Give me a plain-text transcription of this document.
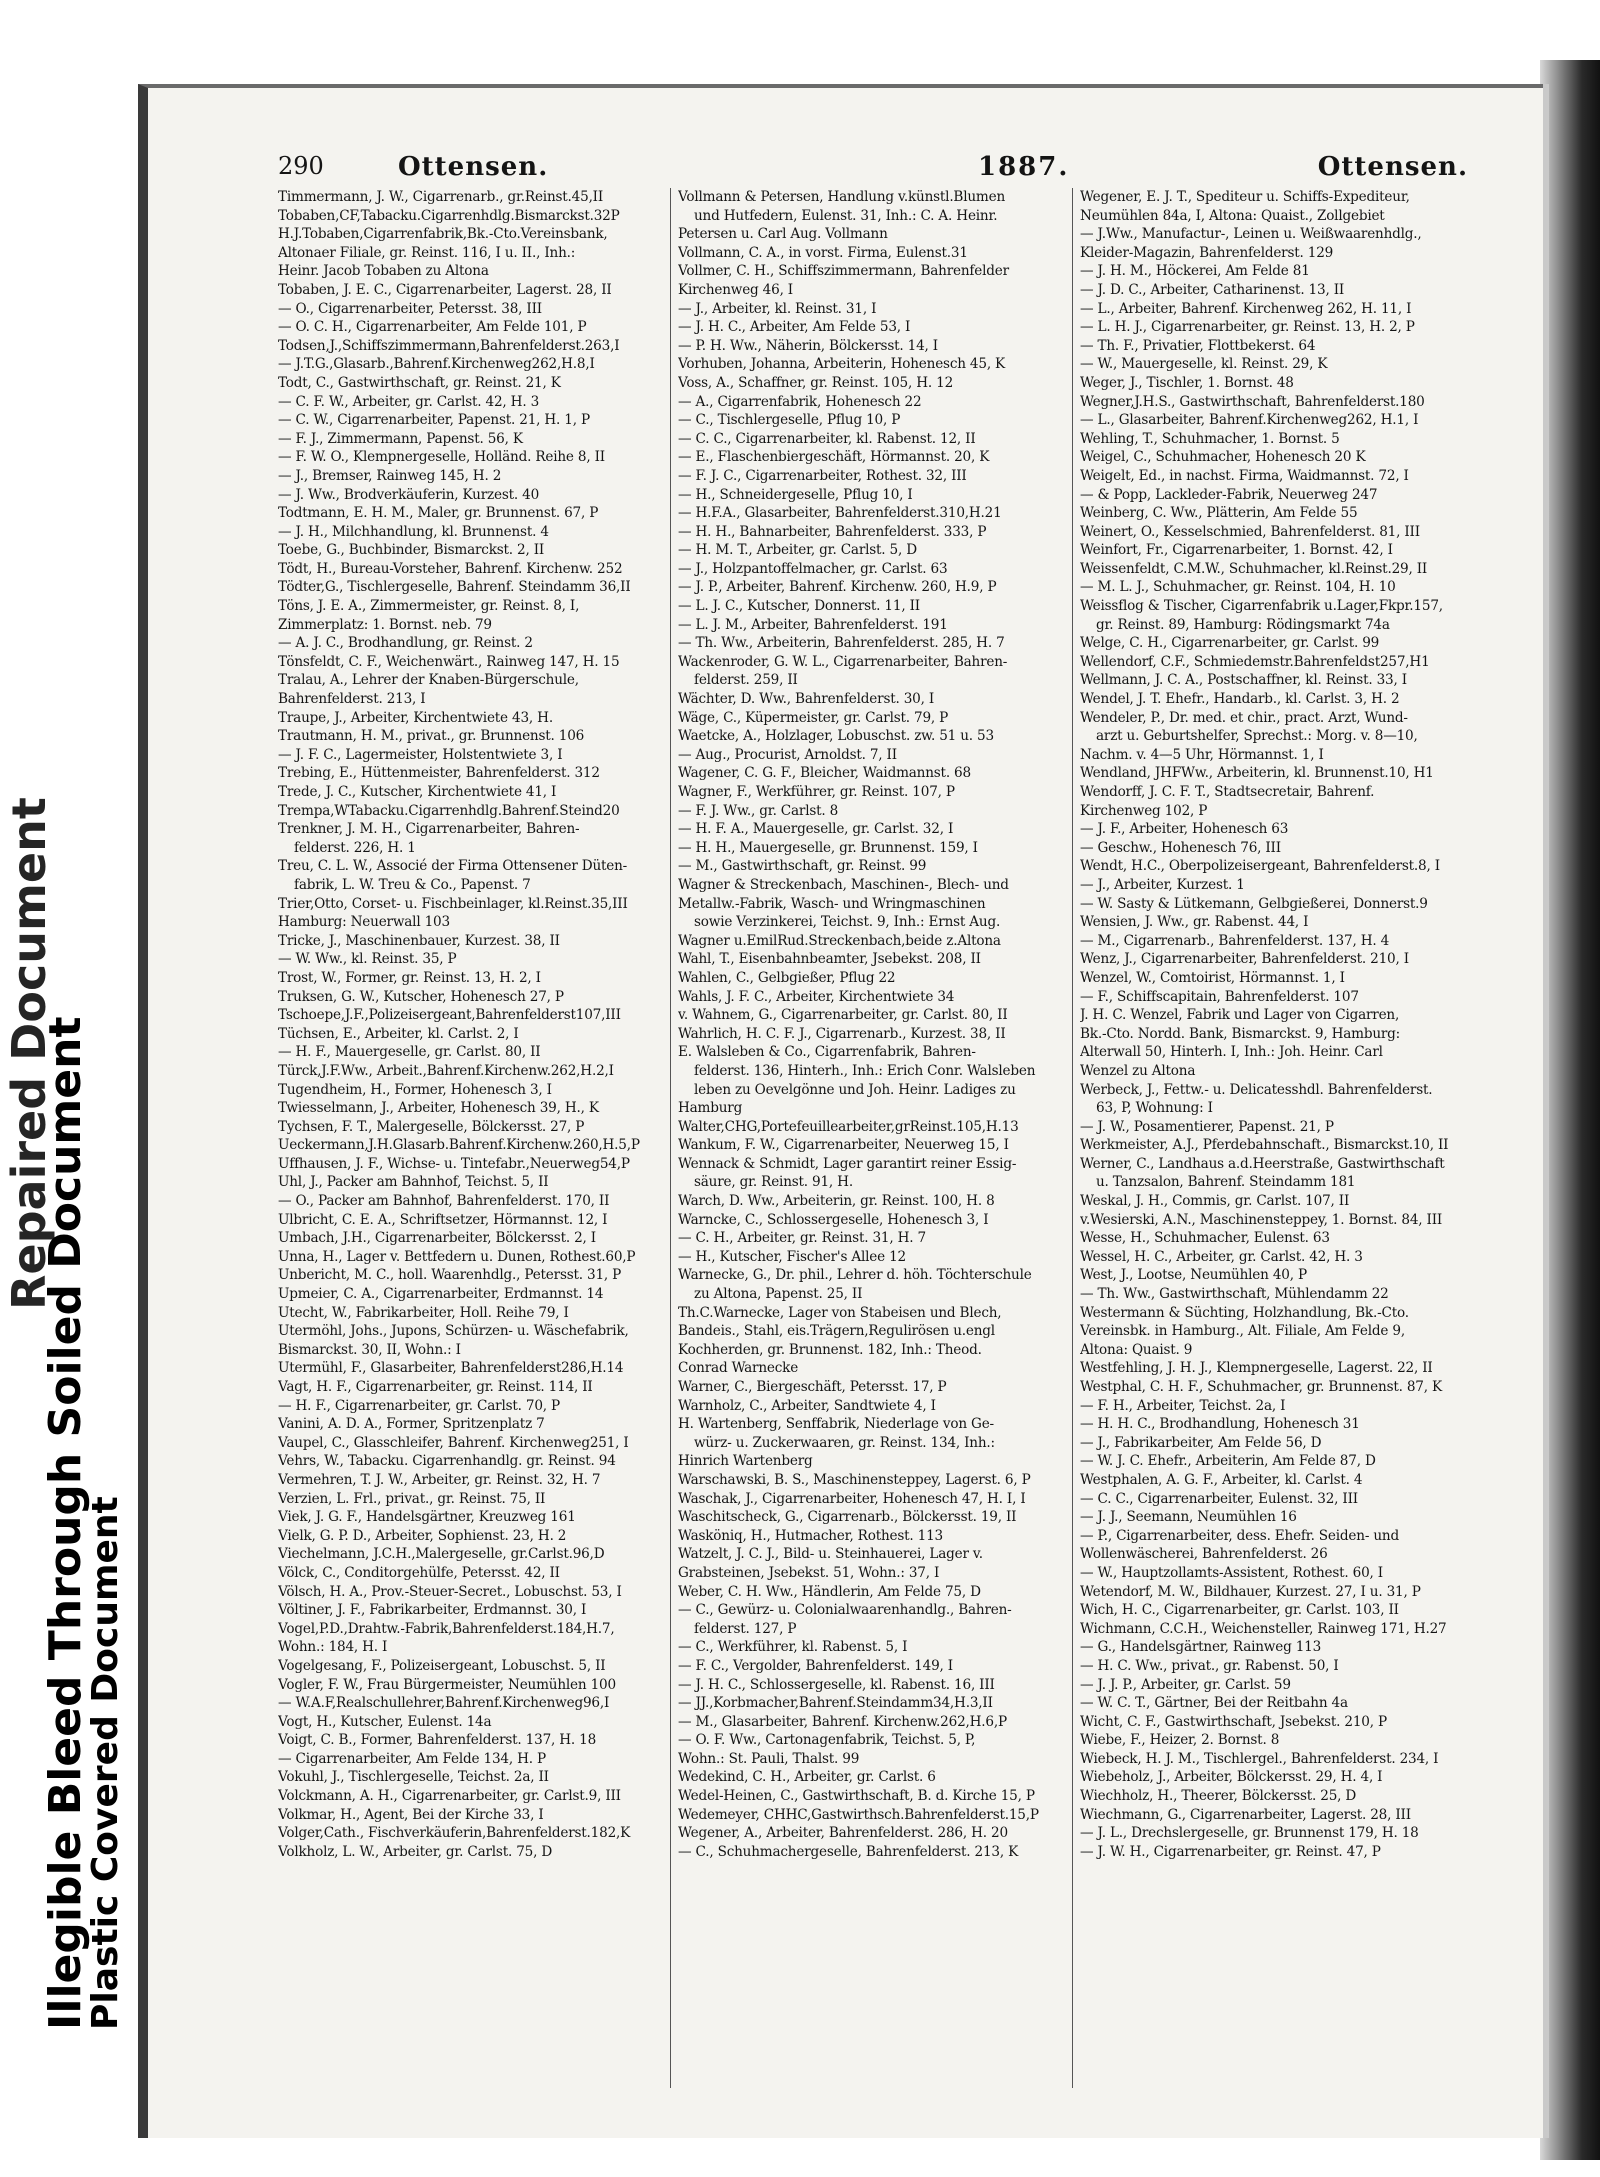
Repaired Document
Illegible Bleed Through Soiled Document
Plastic Covered Document
290	Ottensen.	1887.	Ottensen.

Timmermann, J. W., Cigarrenarb., gr.Reinst.45,II

Tobaben,CF,Tabacku.Cigarrenhdlg.Bismarckst.32P

H.J.Tobaben,Cigarrenfabrik,Bk.-Cto.Vereinsbank,

Altonaer Filiale, gr. Reinst. 116, I u. II., Inh.:

Heinr. Jacob Tobaben zu Altona

Tobaben, J. E. C., Cigarrenarbeiter, Lagerst. 28, II

— O., Cigarrenarbeiter, Petersst. 38, III

— O. C. H., Cigarrenarbeiter, Am Felde 101, P

Todsen,J.,Schiffszimmermann,Bahrenfelderst.263,I

— J.T.G.,Glasarb.,Bahrenf.Kirchenweg262,H.8,I

Todt, C., Gastwirthschaft, gr. Reinst. 21, K

— C. F. W., Arbeiter, gr. Carlst. 42, H. 3

— C. W., Cigarrenarbeiter, Papenst. 21, H. 1, P

— F. J., Zimmermann, Papenst. 56, K

— F. W. O., Klempnergeselle, Holländ. Reihe 8, II

— J., Bremser, Rainweg 145, H. 2

— J. Ww., Brodverkäuferin, Kurzest. 40

Todtmann, E. H. M., Maler, gr. Brunnenst. 67, P

— J. H., Milchhandlung, kl. Brunnenst. 4

Toebe, G., Buchbinder, Bismarckst. 2, II

Tödt, H., Bureau-Vorsteher, Bahrenf. Kirchenw. 252

Tödter,G., Tischlergeselle, Bahrenf. Steindamm 36,II

Töns, J. E. A., Zimmermeister, gr. Reinst. 8, I,

Zimmerplatz: 1. Bornst. neb. 79

— A. J. C., Brodhandlung, gr. Reinst. 2

Tönsfeldt, C. F., Weichenwärt., Rainweg 147, H. 15

Tralau, A., Lehrer der Knaben-Bürgerschule,

Bahrenfelderst. 213, I

Traupe, J., Arbeiter, Kirchentwiete 43, H.

Trautmann, H. M., privat., gr. Brunnenst. 106

— J. F. C., Lagermeister, Holstentwiete 3, I

Trebing, E., Hüttenmeister, Bahrenfelderst. 312

Trede, J. C., Kutscher, Kirchentwiete 41, I

Trempa,WTabacku.Cigarrenhdlg.Bahrenf.Steind20

Trenkner, J. M. H., Cigarrenarbeiter, Bahren-

felderst. 226, H. 1

Treu, C. L. W., Associé der Firma Ottensener Düten-

fabrik, L. W. Treu & Co., Papenst. 7

Trier,Otto, Corset- u. Fischbeinlager, kl.Reinst.35,III

Hamburg: Neuerwall 103

Tricke, J., Maschinenbauer, Kurzest. 38, II

— W. Ww., kl. Reinst. 35, P

Trost, W., Former, gr. Reinst. 13, H. 2, I

Truksen, G. W., Kutscher, Hohenesch 27, P

Tschoepe,J.F.,Polizeisergeant,Bahrenfelderst107,III

Tüchsen, E., Arbeiter, kl. Carlst. 2, I

— H. F., Mauergeselle, gr. Carlst. 80, II

Türck,J.F.Ww., Arbeit.,Bahrenf.Kirchenw.262,H.2,I

Tugendheim, H., Former, Hohenesch 3, I

Twiesselmann, J., Arbeiter, Hohenesch 39, H., K

Tychsen, F. T., Malergeselle, Bölckersst. 27, P

Ueckermann,J.H.Glasarb.Bahrenf.Kirchenw.260,H.5,P

Uffhausen, J. F., Wichse- u. Tintefabr.,Neuerweg54,P

Uhl, J., Packer am Bahnhof, Teichst. 5, II

— O., Packer am Bahnhof, Bahrenfelderst. 170, II

Ulbricht, C. E. A., Schriftsetzer, Hörmannst. 12, I

Umbach, J.H., Cigarrenarbeiter, Bölckersst. 2, I

Unna, H., Lager v. Bettfedern u. Dunen, Rothest.60,P

Unbericht, M. C., holl. Waarenhdlg., Petersst. 31, P

Upmeier, C. A., Cigarrenarbeiter, Erdmannst. 14

Utecht, W., Fabrikarbeiter, Holl. Reihe 79, I

Utermöhl, Johs., Jupons, Schürzen- u. Wäschefabrik,

Bismarckst. 30, II, Wohn.: I

Utermühl, F., Glasarbeiter, Bahrenfelderst286,H.14

Vagt, H. F., Cigarrenarbeiter, gr. Reinst. 114, II

— H. F., Cigarrenarbeiter, gr. Carlst. 70, P

Vanini, A. D. A., Former, Spritzenplatz 7

Vaupel, C., Glasschleifer, Bahrenf. Kirchenweg251, I

Vehrs, W., Tabacku. Cigarrenhandlg. gr. Reinst. 94

Vermehren, T. J. W., Arbeiter, gr. Reinst. 32, H. 7

Verzien, L. Frl., privat., gr. Reinst. 75, II

Viek, J. G. F., Handelsgärtner, Kreuzweg 161

Vielk, G. P. D., Arbeiter, Sophienst. 23, H. 2

Viechelmann, J.C.H.,Malergeselle, gr.Carlst.96,D

Völck, C., Conditorgehülfe, Petersst. 42, II

Völsch, H. A., Prov.-Steuer-Secret., Lobuschst. 53, I

Völtiner, J. F., Fabrikarbeiter, Erdmannst. 30, I

Vogel,P.D.,Drahtw.-Fabrik,Bahrenfelderst.184,H.7,

Wohn.: 184, H. I

Vogelgesang, F., Polizeisergeant, Lobuschst. 5, II

Vogler, F. W., Frau Bürgermeister, Neumühlen 100

— W.A.F,Realschullehrer,Bahrenf.Kirchenweg96,I

Vogt, H., Kutscher, Eulenst. 14a

Voigt, C. B., Former, Bahrenfelderst. 137, H. 18

— Cigarrenarbeiter, Am Felde 134, H. P

Vokuhl, J., Tischlergeselle, Teichst. 2a, II

Volckmann, A. H., Cigarrenarbeiter, gr. Carlst.9, III

Volkmar, H., Agent, Bei der Kirche 33, I

Volger,Cath., Fischverkäuferin,Bahrenfelderst.182,K

Volkholz, L. W., Arbeiter, gr. Carlst. 75, D

Vollmann & Petersen, Handlung v.künstl.Blumen

und Hutfedern, Eulenst. 31, Inh.: C. A. Heinr.

Petersen u. Carl Aug. Vollmann

Vollmann, C. A., in vorst. Firma, Eulenst.31

Vollmer, C. H., Schiffszimmermann, Bahrenfelder

Kirchenweg 46, I

— J., Arbeiter, kl. Reinst. 31, I

— J. H. C., Arbeiter, Am Felde 53, I

— P. H. Ww., Näherin, Bölckersst. 14, I

Vorhuben, Johanna, Arbeiterin, Hohenesch 45, K

Voss, A., Schaffner, gr. Reinst. 105, H. 12

— A., Cigarrenfabrik, Hohenesch 22

— C., Tischlergeselle, Pflug 10, P

— C. C., Cigarrenarbeiter, kl. Rabenst. 12, II

— E., Flaschenbiergeschäft, Hörmannst. 20, K

— F. J. C., Cigarrenarbeiter, Rothest. 32, III

— H., Schneidergeselle, Pflug 10, I

— H.F.A., Glasarbeiter, Bahrenfelderst.310,H.21

— H. H., Bahnarbeiter, Bahrenfelderst. 333, P

— H. M. T., Arbeiter, gr. Carlst. 5, D

— J., Holzpantoffelmacher, gr. Carlst. 63

— J. P., Arbeiter, Bahrenf. Kirchenw. 260, H.9, P

— L. J. C., Kutscher, Donnerst. 11, II

— L. J. M., Arbeiter, Bahrenfelderst. 191

— Th. Ww., Arbeiterin, Bahrenfelderst. 285, H. 7

Wackenroder, G. W. L., Cigarrenarbeiter, Bahren-

felderst. 259, II

Wächter, D. Ww., Bahrenfelderst. 30, I

Wäge, C., Küpermeister, gr. Carlst. 79, P

Waetcke, A., Holzlager, Lobuschst. zw. 51 u. 53

— Aug., Procurist, Arnoldst. 7, II

Wagener, C. G. F., Bleicher, Waidmannst. 68

Wagner, F., Werkführer, gr. Reinst. 107, P

— F. J. Ww., gr. Carlst. 8

— H. F. A., Mauergeselle, gr. Carlst. 32, I

— H. H., Mauergeselle, gr. Brunnenst. 159, I

— M., Gastwirthschaft, gr. Reinst. 99

Wagner & Streckenbach, Maschinen-, Blech- und

Metallw.-Fabrik, Wasch- und Wringmaschinen

sowie Verzinkerei, Teichst. 9, Inh.: Ernst Aug.

Wagner u.EmilRud.Streckenbach,beide z.Altona

Wahl, T., Eisenbahnbeamter, Jsebekst. 208, II

Wahlen, C., Gelbgießer, Pflug 22

Wahls, J. F. C., Arbeiter, Kirchentwiete 34

v. Wahnem, G., Cigarrenarbeiter, gr. Carlst. 80, II

Wahrlich, H. C. F. J., Cigarrenarb., Kurzest. 38, II

E. Walsleben & Co., Cigarrenfabrik, Bahren-

felderst. 136, Hinterh., Inh.: Erich Conr. Walsleben

leben zu Oevelgönne und Joh. Heinr. Ladiges zu

Hamburg

Walter,CHG,Portefeuillearbeiter,grReinst.105,H.13

Wankum, F. W., Cigarrenarbeiter, Neuerweg 15, I

Wennack & Schmidt, Lager garantirt reiner Essig-

säure, gr. Reinst. 91, H.

Warch, D. Ww., Arbeiterin, gr. Reinst. 100, H. 8

Warncke, C., Schlossergeselle, Hohenesch 3, I

— C. H., Arbeiter, gr. Reinst. 31, H. 7

— H., Kutscher, Fischer's Allee 12

Warnecke, G., Dr. phil., Lehrer d. höh. Töchterschule

zu Altona, Papenst. 25, II

Th.C.Warnecke, Lager von Stabeisen und Blech,

Bandeis., Stahl, eis.Trägern,Regulirösen u.engl

Kochherden, gr. Brunnenst. 182, Inh.: Theod.

Conrad Warnecke

Warner, C., Biergeschäft, Petersst. 17, P

Warnholz, C., Arbeiter, Sandtwiete 4, I

H. Wartenberg, Senffabrik, Niederlage von Ge-

würz- u. Zuckerwaaren, gr. Reinst. 134, Inh.:

Hinrich Wartenberg

Warschawski, B. S., Maschinensteppey, Lagerst. 6, P

Waschak, J., Cigarrenarbeiter, Hohenesch 47, H. I, I

Waschitscheck, G., Cigarrenarb., Bölckersst. 19, II

Wasköniq, H., Hutmacher, Rothest. 113

Watzelt, J. C. J., Bild- u. Steinhauerei, Lager v.

Grabsteinen, Jsebekst. 51, Wohn.: 37, I

Weber, C. H. Ww., Händlerin, Am Felde 75, D

— C., Gewürz- u. Colonialwaarenhandlg., Bahren-

felderst. 127, P

— C., Werkführer, kl. Rabenst. 5, I

— F. C., Vergolder, Bahrenfelderst. 149, I

— J. H. C., Schlossergeselle, kl. Rabenst. 16, III

— JJ.,Korbmacher,Bahrenf.Steindamm34,H.3,II

— M., Glasarbeiter, Bahrenf. Kirchenw.262,H.6,P

— O. F. Ww., Cartonagenfabrik, Teichst. 5, P,

Wohn.: St. Pauli, Thalst. 99

Wedekind, C. H., Arbeiter, gr. Carlst. 6

Wedel-Heinen, C., Gastwirthschaft, B. d. Kirche 15, P

Wedemeyer, CHHC,Gastwirthsch.Bahrenfelderst.15,P

Wegener, A., Arbeiter, Bahrenfelderst. 286, H. 20

— C., Schuhmachergeselle, Bahrenfelderst. 213, K

Wegener, E. J. T., Spediteur u. Schiffs-Expediteur,

Neumühlen 84a, I, Altona: Quaist., Zollgebiet

— J.Ww., Manufactur-, Leinen u. Weißwaarenhdlg.,

Kleider-Magazin, Bahrenfelderst. 129

— J. H. M., Höckerei, Am Felde 81

— J. D. C., Arbeiter, Catharinenst. 13, II

— L., Arbeiter, Bahrenf. Kirchenweg 262, H. 11, I

— L. H. J., Cigarrenarbeiter, gr. Reinst. 13, H. 2, P

— Th. F., Privatier, Flottbekerst. 64

— W., Mauergeselle, kl. Reinst. 29, K

Weger, J., Tischler, 1. Bornst. 48

Wegner,J.H.S., Gastwirthschaft, Bahrenfelderst.180

— L., Glasarbeiter, Bahrenf.Kirchenweg262, H.1, I

Wehling, T., Schuhmacher, 1. Bornst. 5

Weigel, C., Schuhmacher, Hohenesch 20 K

Weigelt, Ed., in nachst. Firma, Waidmannst. 72, I

— & Popp, Lackleder-Fabrik, Neuerweg 247

Weinberg, C. Ww., Plätterin, Am Felde 55

Weinert, O., Kesselschmied, Bahrenfelderst. 81, III

Weinfort, Fr., Cigarrenarbeiter, 1. Bornst. 42, I

Weissenfeldt, C.M.W., Schuhmacher, kl.Reinst.29, II

— M. L. J., Schuhmacher, gr. Reinst. 104, H. 10

Weissflog & Tischer, Cigarrenfabrik u.Lager,Fkpr.157,

gr. Reinst. 89, Hamburg: Rödingsmarkt 74a

Welge, C. H., Cigarrenarbeiter, gr. Carlst. 99

Wellendorf, C.F., Schmiedemstr.Bahrenfeldst257,H1

Wellmann, J. C. A., Postschaffner, kl. Reinst. 33, I

Wendel, J. T. Ehefr., Handarb., kl. Carlst. 3, H. 2

Wendeler, P., Dr. med. et chir., pract. Arzt, Wund-

arzt u. Geburtshelfer, Sprechst.: Morg. v. 8—10,

Nachm. v. 4—5 Uhr, Hörmannst. 1, I

Wendland, JHFWw., Arbeiterin, kl. Brunnenst.10, H1

Wendorff, J. C. F. T., Stadtsecretair, Bahrenf.

Kirchenweg 102, P

— J. F., Arbeiter, Hohenesch 63

— Geschw., Hohenesch 76, III

Wendt, H.C., Oberpolizeisergeant, Bahrenfelderst.8, I

— J., Arbeiter, Kurzest. 1

— W. Sasty & Lütkemann, Gelbgießerei, Donnerst.9

Wensien, J. Ww., gr. Rabenst. 44, I

— M., Cigarrenarb., Bahrenfelderst. 137, H. 4

Wenz, J., Cigarrenarbeiter, Bahrenfelderst. 210, I

Wenzel, W., Comtoirist, Hörmannst. 1, I

— F., Schiffscapitain, Bahrenfelderst. 107

J. H. C. Wenzel, Fabrik und Lager von Cigarren,

Bk.-Cto. Nordd. Bank, Bismarckst. 9, Hamburg:

Alterwall 50, Hinterh. I, Inh.: Joh. Heinr. Carl

Wenzel zu Altona

Werbeck, J., Fettw.- u. Delicatesshdl. Bahrenfelderst.

63, P, Wohnung: I

— J. W., Posamentierer, Papenst. 21, P

Werkmeister, A.J., Pferdebahnschaft., Bismarckst.10, II

Werner, C., Landhaus a.d.Heerstraße, Gastwirthschaft

u. Tanzsalon, Bahrenf. Steindamm 181

Weskal, J. H., Commis, gr. Carlst. 107, II

v.Wesierski, A.N., Maschinensteppey, 1. Bornst. 84, III

Wesse, H., Schuhmacher, Eulenst. 63

Wessel, H. C., Arbeiter, gr. Carlst. 42, H. 3

West, J., Lootse, Neumühlen 40, P

— Th. Ww., Gastwirthschaft, Mühlendamm 22

Westermann & Süchting, Holzhandlung, Bk.-Cto.

Vereinsbk. in Hamburg., Alt. Filiale, Am Felde 9,

Altona: Quaist. 9

Westfehling, J. H. J., Klempnergeselle, Lagerst. 22, II

Westphal, C. H. F., Schuhmacher, gr. Brunnenst. 87, K

— F. H., Arbeiter, Teichst. 2a, I

— H. H. C., Brodhandlung, Hohenesch 31

— J., Fabrikarbeiter, Am Felde 56, D

— W. J. C. Ehefr., Arbeiterin, Am Felde 87, D

Westphalen, A. G. F., Arbeiter, kl. Carlst. 4

— C. C., Cigarrenarbeiter, Eulenst. 32, III

— J. J., Seemann, Neumühlen 16

— P., Cigarrenarbeiter, dess. Ehefr. Seiden- und

Wollenwäscherei, Bahrenfelderst. 26

— W., Hauptzollamts-Assistent, Rothest. 60, I

Wetendorf, M. W., Bildhauer, Kurzest. 27, I u. 31, P

Wich, H. C., Cigarrenarbeiter, gr. Carlst. 103, II

Wichmann, C.C.H., Weichensteller, Rainweg 171, H.27

— G., Handelsgärtner, Rainweg 113

— H. C. Ww., privat., gr. Rabenst. 50, I

— J. J. P., Arbeiter, gr. Carlst. 59

— W. C. T., Gärtner, Bei der Reitbahn 4a

Wicht, C. F., Gastwirthschaft, Jsebekst. 210, P

Wiebe, F., Heizer, 2. Bornst. 8

Wiebeck, H. J. M., Tischlergel., Bahrenfelderst. 234, I

Wiebeholz, J., Arbeiter, Bölckersst. 29, H. 4, I

Wiechholz, H., Theerer, Bölckersst. 25, D

Wiechmann, G., Cigarrenarbeiter, Lagerst. 28, III

— J. L., Drechslergeselle, gr. Brunnenst 179, H. 18

— J. W. H., Cigarrenarbeiter, gr. Reinst. 47, P
